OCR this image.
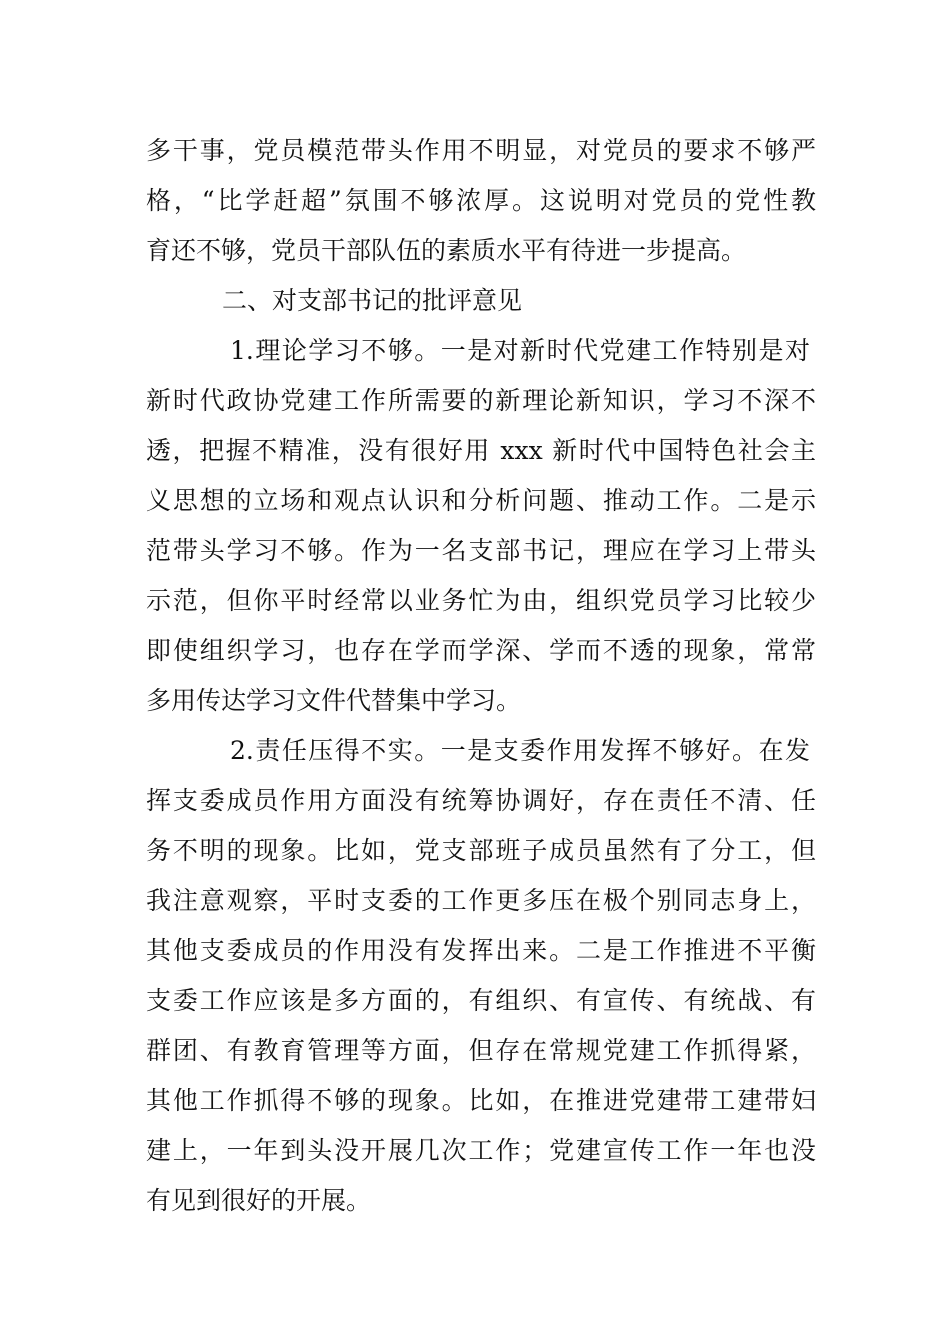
多干事，党员模范带头作用不明显，对党员的要求不够严
格，“比学赶超”氛围不够浓厚。这说明对党员的党性教
育还不够，党员干部队伍的素质水平有待进一步提高。
二、对支部书记的批评意见
1.理论学习不够。一是对新时代党建工作特别是对
新时代政协党建工作所需要的新理论新知识，学习不深不
透，把握不精准，没有很好用 xxx 新时代中国特色社会主
义思想的立场和观点认识和分析问题、推动工作。二是示
范带头学习不够。作为一名支部书记，理应在学习上带头
示范，但你平时经常以业务忙为由，组织党员学习比较少
即使组织学习，也存在学而学深、学而不透的现象，常常
多用传达学习文件代替集中学习。
2.责任压得不实。一是支委作用发挥不够好。在发
挥支委成员作用方面没有统筹协调好，存在责任不清、任
务不明的现象。比如，党支部班子成员虽然有了分工，但
我注意观察，平时支委的工作更多压在极个别同志身上，
其他支委成员的作用没有发挥出来。二是工作推进不平衡
支委工作应该是多方面的，有组织、有宣传、有统战、有
群团、有教育管理等方面，但存在常规党建工作抓得紧，
其他工作抓得不够的现象。比如，在推进党建带工建带妇
建上，一年到头没开展几次工作；党建宣传工作一年也没
有见到很好的开展。
